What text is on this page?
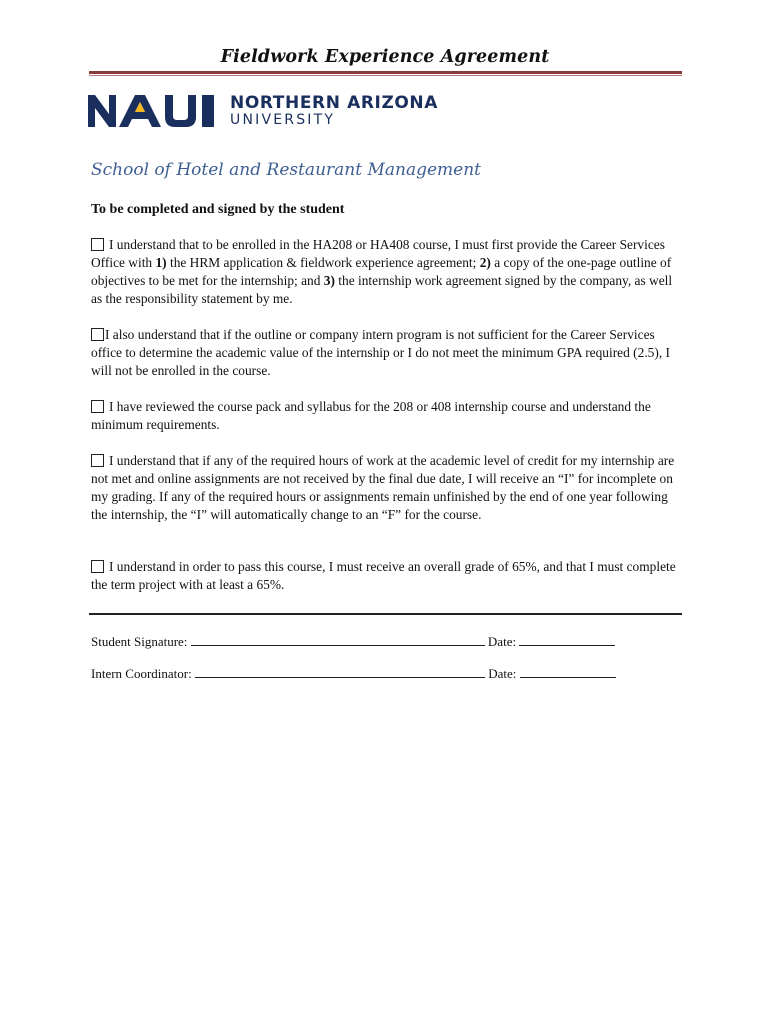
Fieldwork Experience Agreement
NORTHERN ARIZONA
UNIVERSITY
School of Hotel and Restaurant Management
To be completed and signed by the student
I understand that to be enrolled in the HA208 or HA408 course, I must first provide the Career Services Office with 1) the HRM application & fieldwork experience agreement; 2) a copy of the one-page outline of objectives to be met for the internship; and 3) the internship work agreement signed by the company, as well as the responsibility statement by me.
I also understand that if the outline or company intern program is not sufficient for the Career Services office to determine the academic value of the internship or I do not meet the minimum GPA required (2.5), I will not be enrolled in the course.
I have reviewed the course pack and syllabus for the 208 or 408 internship course and understand the minimum requirements.
I understand that if any of the required hours of work at the academic level of credit for my internship are not met and online assignments are not received by the final due date, I will receive an “I” for incomplete on my grading. If any of the required hours or assignments remain unfinished by the end of one year following the internship, the “I” will automatically change to an “F” for the course.
I understand in order to pass this course, I must receive an overall grade of 65%, and that I must complete the term project with at least a 65%.
Student Signature:	Date:
Intern Coordinator:	Date:
